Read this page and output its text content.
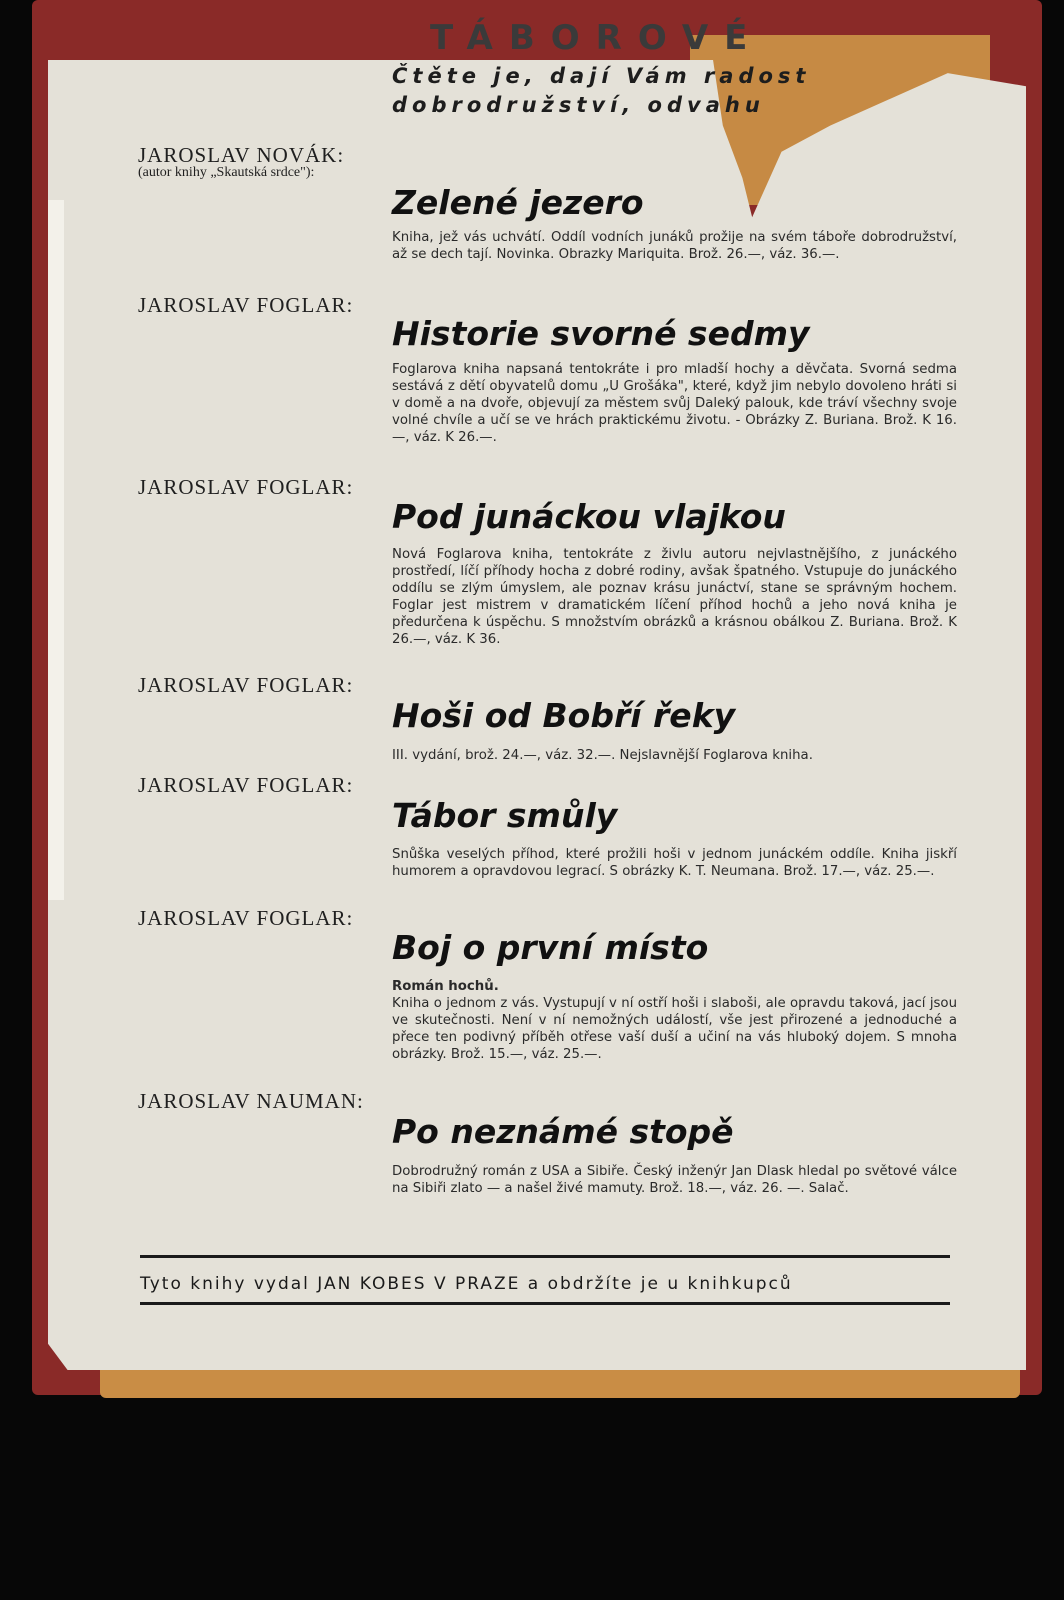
TÁBOROVÉ
Čtěte je, dají Vám radost
dobrodružství, odvahu
JAROSLAV NOVÁK:
(autor knihy „Skautská srdce"):
Zelené jezero
Kniha, jež vás uchvátí. Oddíl vodních junáků prožije na svém táboře dobrodružství, až se dech tají. Novinka. Obrazky Mariquita. Brož. 26.—, váz. 36.—.
JAROSLAV FOGLAR:
Historie svorné sedmy
Foglarova kniha napsaná tentokráte i pro mladší hochy a děvčata. Svorná sedma sestává z dětí obyvatelů domu „U Grošáka", které, když jim nebylo dovoleno hráti si v domě a na dvoře, objevují za městem svůj Daleký palouk, kde tráví všechny svoje volné chvíle a učí se ve hrách praktickému životu. - Obrázky Z. Buriana. Brož. K 16.—, váz. K 26.—.
JAROSLAV FOGLAR:
Pod junáckou vlajkou
Nová Foglarova kniha, tentokráte z živlu autoru nejvlastnějšího, z junáckého prostředí, líčí příhody hocha z dobré rodiny, avšak špatného. Vstupuje do junáckého oddílu se zlým úmyslem, ale poznav krásu junáctví, stane se správným hochem. Foglar jest mistrem v dramatickém líčení příhod hochů a jeho nová kniha je předurčena k úspěchu. S množstvím obrázků a krásnou obálkou Z. Buriana. Brož. K 26.—, váz. K 36.
JAROSLAV FOGLAR:
Hoši od Bobří řeky
III. vydání, brož. 24.—, váz. 32.—. Nejslavnější Foglarova kniha.
JAROSLAV FOGLAR:
Tábor smůly
Snůška veselých příhod, které prožili hoši v jednom junáckém oddíle. Kniha jiskří humorem a opravdovou legrací. S obrázky K. T. Neumana. Brož. 17.—, váz. 25.—.
JAROSLAV FOGLAR:
Boj o první místo
Román hochů.
Kniha o jednom z vás. Vystupují v ní ostří hoši i slaboši, ale opravdu taková, jací jsou ve skutečnosti. Není v ní nemožných událostí, vše jest přirozené a jednoduché a přece ten podivný příběh otřese vaší duší a učiní na vás hluboký dojem. S mnoha obrázky. Brož. 15.—, váz. 25.—.
JAROSLAV NAUMAN:
Po neznámé stopě
Dobrodružný román z USA a Sibiře. Český inženýr Jan Dlask hledal po světové válce na Sibiři zlato — a našel živé mamuty. Brož. 18.—, váz. 26. —. Salač.
Tyto knihy vydal JAN KOBES V PRAZE a obdržíte je u knihkupců
